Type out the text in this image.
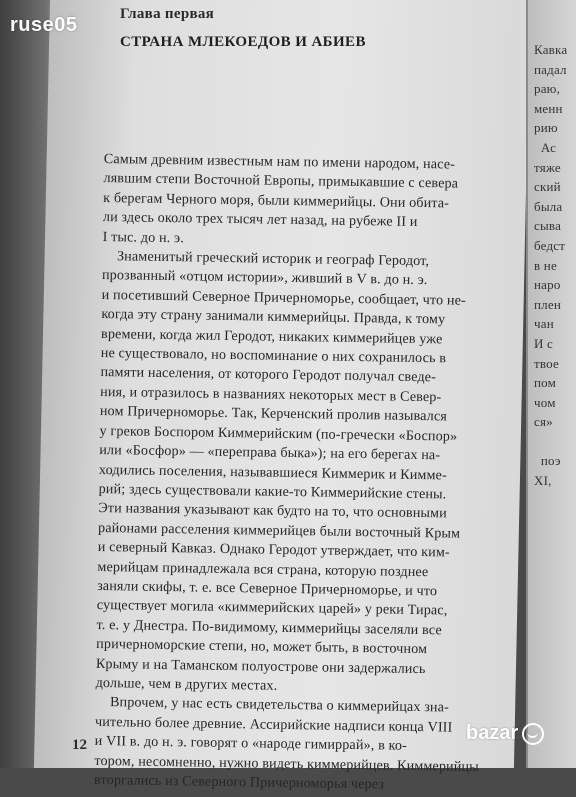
Кавка
падал
раю,
менн
рию
Ас
тяже
ский
была
сыва
бедст
в не
наро
плен
чан
И с
твое
пом
чом
ся»

поэ
XI,
ruse05	Глава первая
СТРАНА МЛЕКОЕДОВ И АБИЕВ
Самым древним известным нам по имени народом, насе-
лявшим степи Восточной Европы, примыкавшие с севера
к берегам Черного моря, были киммерийцы. Они обита-
ли здесь около трех тысяч лет назад, на рубеже II и
I тыс. до н. э.
Знаменитый греческий историк и географ Геродот,
прозванный «отцом истории», живший в V в. до н. э.
и посетивший Северное Причерноморье, сообщает, что не-
когда эту страну занимали киммерийцы. Правда, к тому
времени, когда жил Геродот, никаких киммерийцев уже
не существовало, но воспоминание о них сохранилось в
памяти населения, от которого Геродот получал сведе-
ния, и отразилось в названиях некоторых мест в Север-
ном Причерноморье. Так, Керченский пролив назывался
у греков Боспором Киммерийским (по-гречески «Боспор»
или «Босфор» — «переправа быка»); на его берегах на-
ходились поселения, называвшиеся Киммерик и Кимме-
рий; здесь существовали какие-то Киммерийские стены.
Эти названия указывают как будто на то, что основными
районами расселения киммерийцев были восточный Крым
и северный Кавказ. Однако Геродот утверждает, что ким-
мерийцам принадлежала вся страна, которую позднее
заняли скифы, т. е. все Северное Причерноморье, и что
существует могила «киммерийских царей» у реки Тирас,
т. е. у Днестра. По-видимому, киммерийцы заселяли все
причерноморские степи, но, может быть, в восточном
Крыму и на Таманском полуострове они задержались
дольше, чем в других местах.
Впрочем, у нас есть свидетельства о киммерийцах зна-
чительно более древние. Ассирийские надписи конца VIII
и VII в. до н. э. говорят о «народе гимиррай», в ко-
тором, несомненно, нужно видеть киммерийцев. Киммерийцы
вторгались из Северного Причерноморья через
12
bazar
